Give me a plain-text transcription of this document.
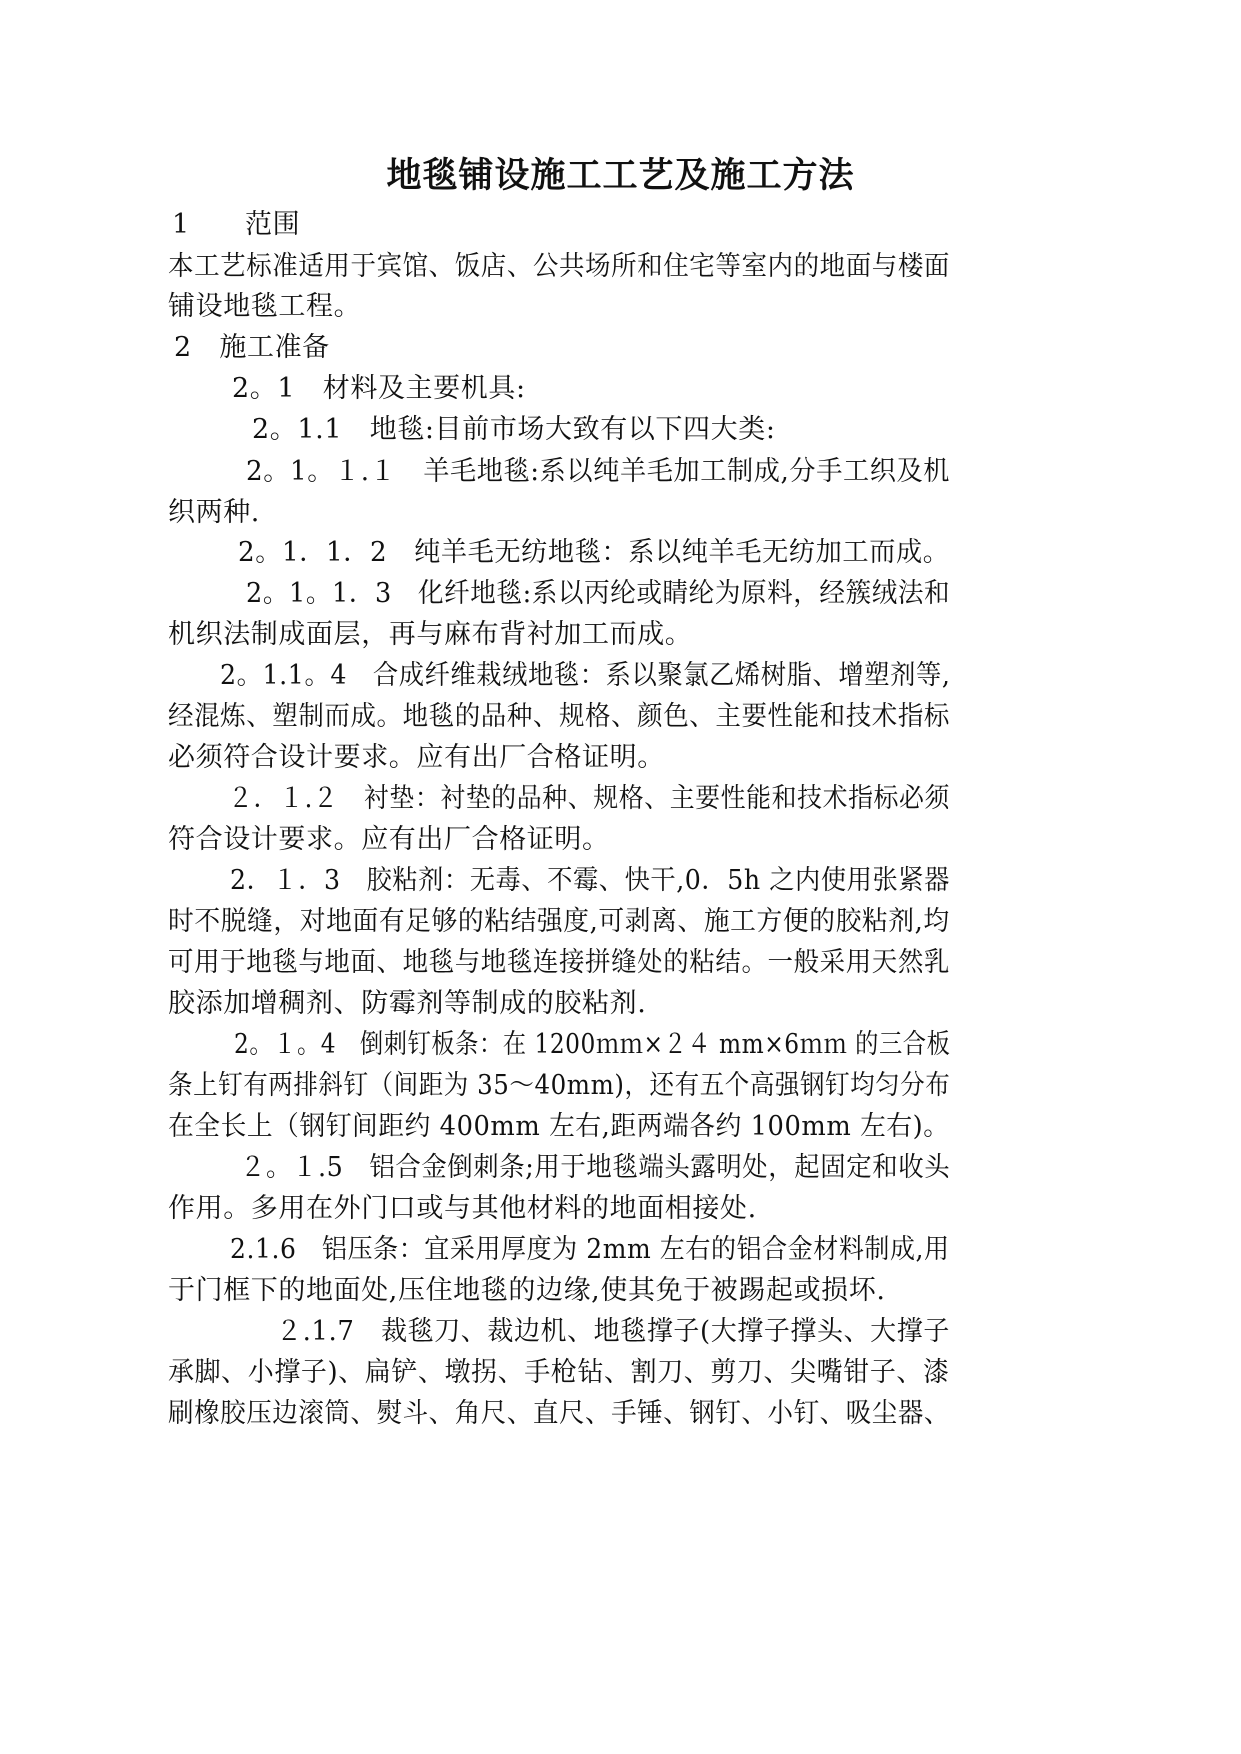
地毯铺设施工工艺及施工方法
1　　范围
本工艺标准适用于宾馆、饭店、公共场所和住宅等室内的地面与楼面
铺设地毯工程。
2　施工准备
2。1　材料及主要机具:
2。1.1　地毯:目前市场大致有以下四大类:
2。1。１.１　羊毛地毯:系以纯羊毛加工制成,分手工织及机
织两种.
2。1．1．2　纯羊毛无纺地毯：系以纯羊毛无纺加工而成。
2。1。1．3　化纤地毯:系以丙纶或睛纶为原料，经簇绒法和
机织法制成面层，再与麻布背衬加工而成。
2。1.1。4　合成纤维栽绒地毯：系以聚氯乙烯树脂、增塑剂等,
经混炼、塑制而成。地毯的品种、规格、颜色、主要性能和技术指标
必须符合设计要求。应有出厂合格证明。
２．１.２　衬垫：衬垫的品种、规格、主要性能和技术指标必须
符合设计要求。应有出厂合格证明。
2．１．3　胶粘剂：无毒、不霉、快干,0．5h 之内使用张紧器
时不脱缝，对地面有足够的粘结强度,可剥离、施工方便的胶粘剂,均
可用于地毯与地面、地毯与地毯连接拼缝处的粘结。一般采用天然乳
胶添加增稠剂、防霉剂等制成的胶粘剂.
2。１。4　倒刺钉板条：在 1200ｍｍ×２４ mm×6ｍｍ 的三合板
条上钉有两排斜钉（间距为 35～40mm)，还有五个高强钢钉均匀分布
在全长上（钢钉间距约 400mm 左右,距两端各约 100mm 左右)。
２。１.5　铝合金倒刺条;用于地毯端头露明处，起固定和收头
作用。多用在外门口或与其他材料的地面相接处.
2.1.6　铝压条：宜采用厚度为 2mm 左右的铝合金材料制成,用
于门框下的地面处,压住地毯的边缘,使其免于被踢起或损坏.
２.1.7　裁毯刀、裁边机、地毯撑子(大撑子撑头、大撑子
承脚、小撑子)、扁铲、墩拐、手枪钻、割刀、剪刀、尖嘴钳子、漆
刷橡胶压边滚筒、熨斗、角尺、直尺、手锤、钢钉、小钉、吸尘器、
